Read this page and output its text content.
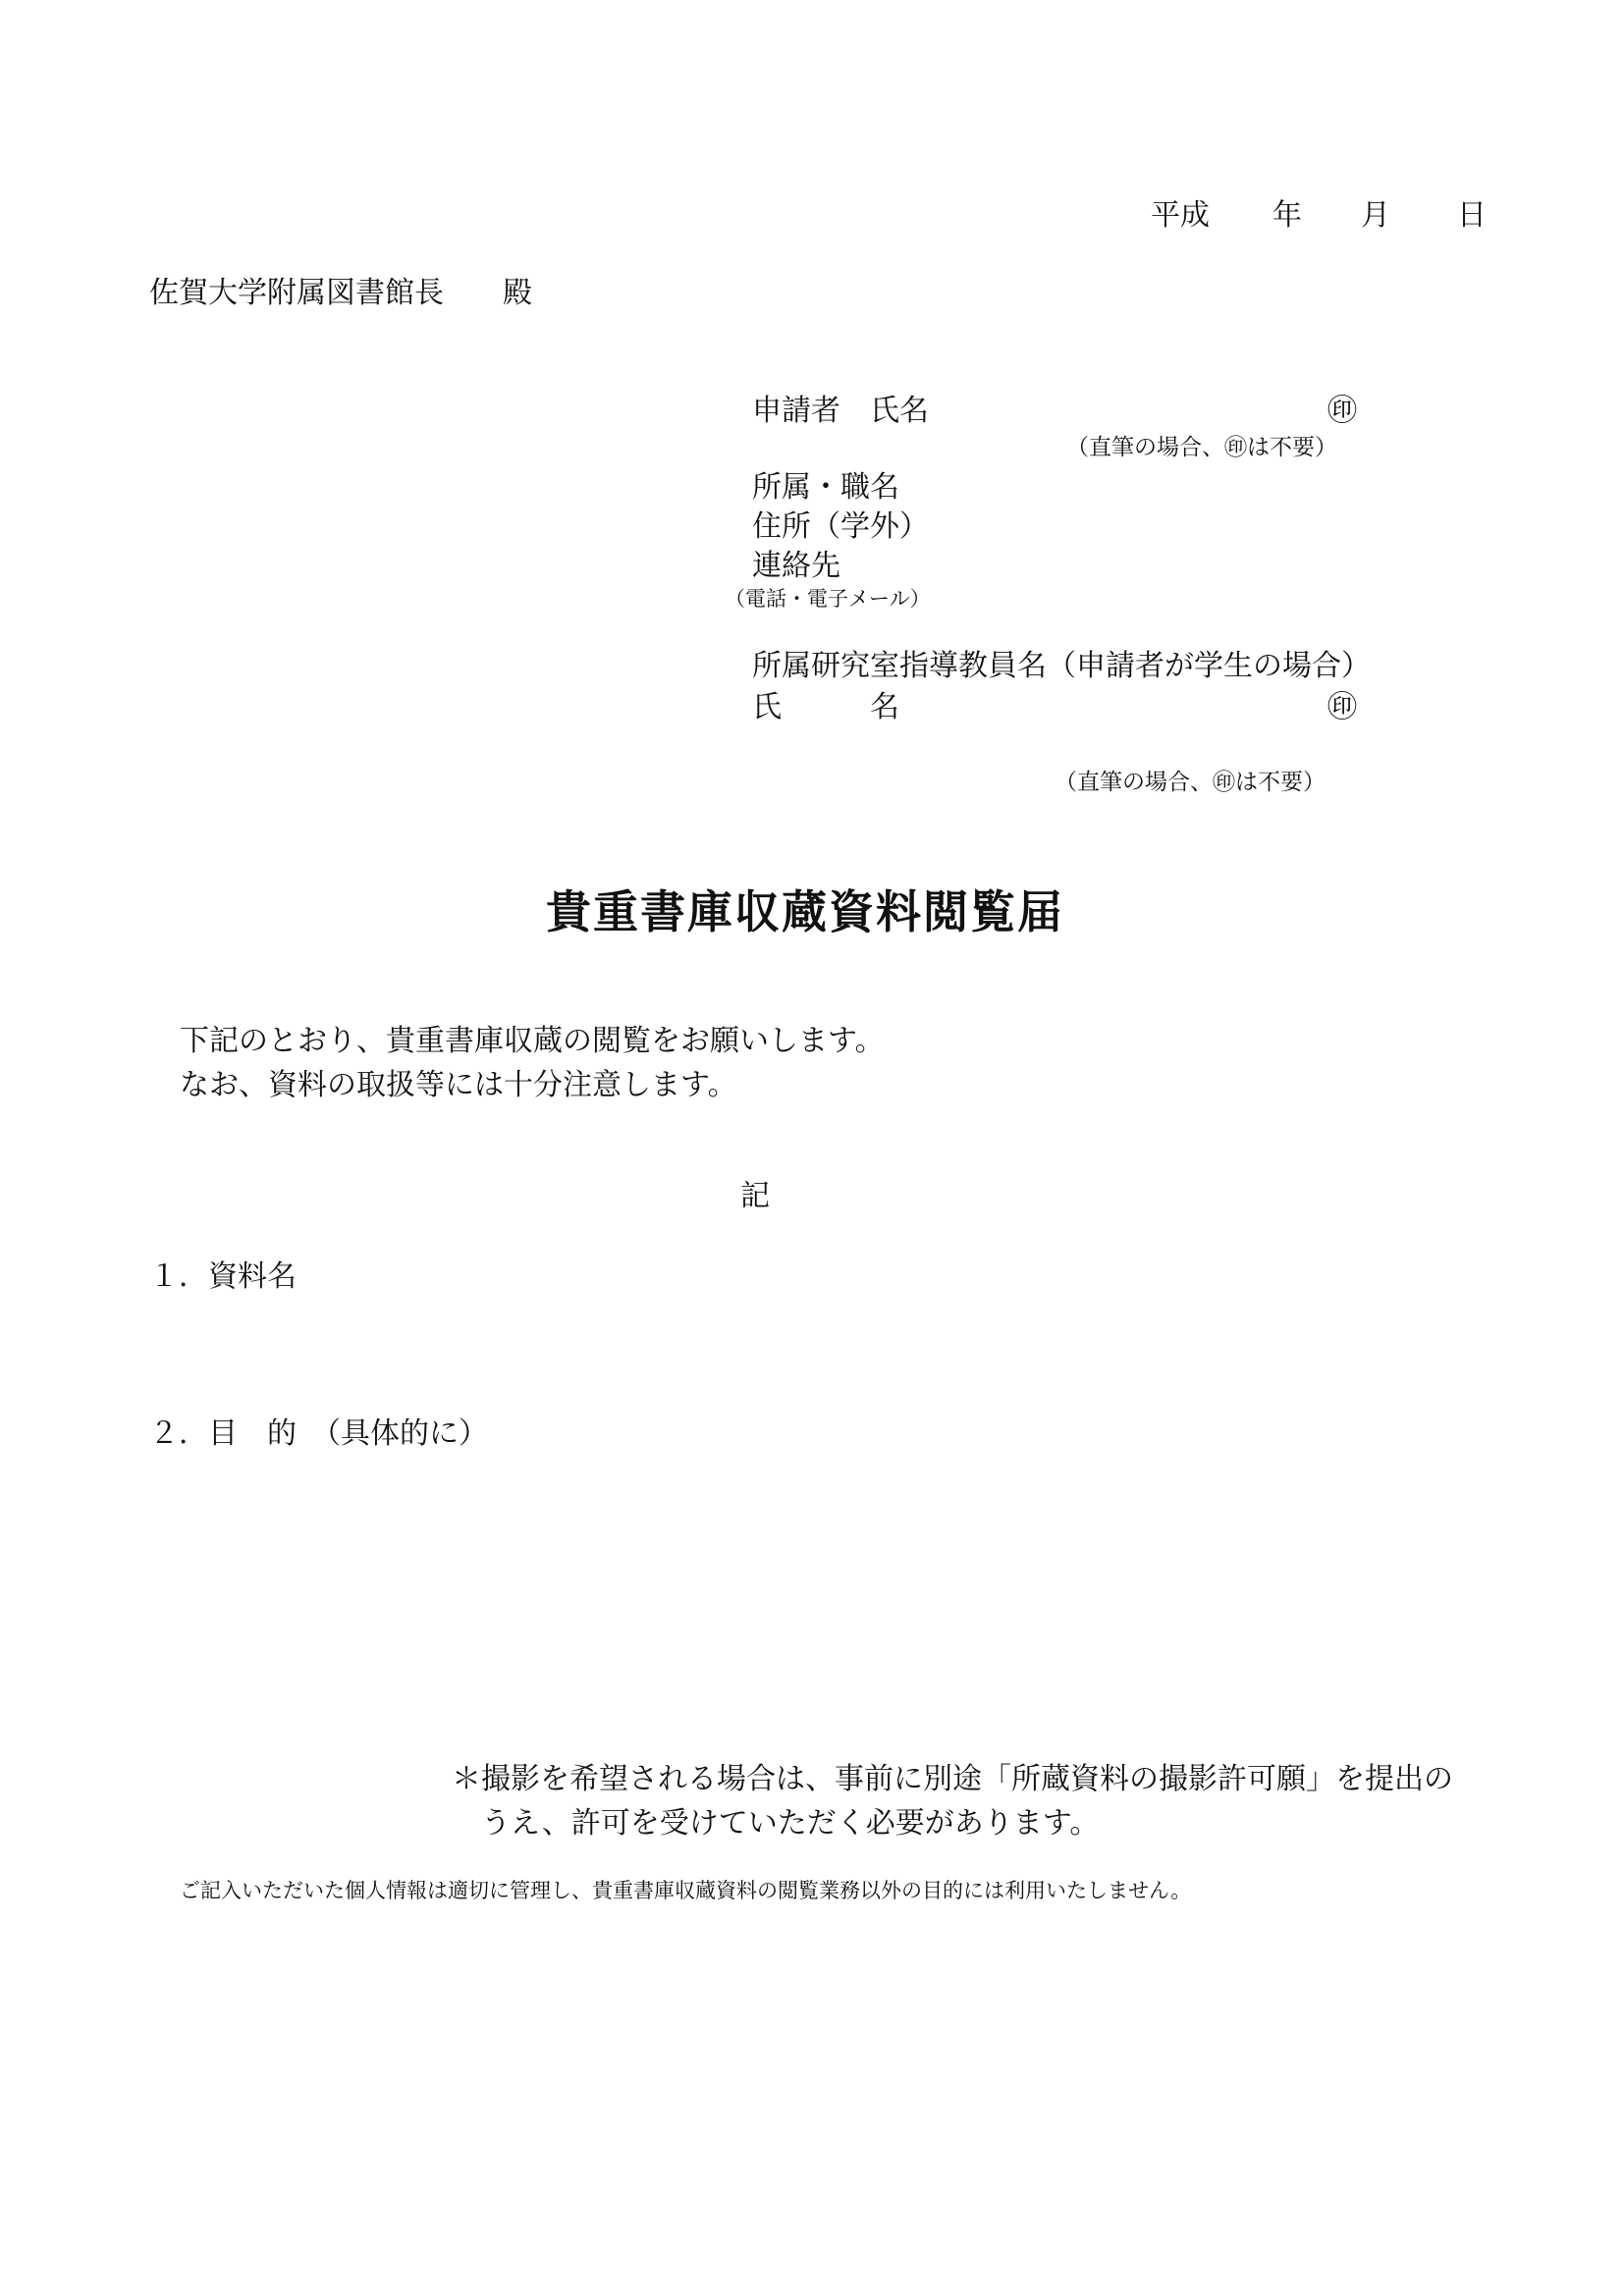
平成 年 月 日
佐賀大学附属図書館長　　殿
申請者　氏名	㊞
（直筆の場合、㊞は不要）
所属・職名
住所（学外）
連絡先
（電話・電子メール）
所属研究室指導教員名（申請者が学生の場合）
氏　　　名	㊞
（直筆の場合、㊞は不要）
貴重書庫収蔵資料閲覧届
下記のとおり、貴重書庫収蔵の閲覧をお願いします。
なお、資料の取扱等には十分注意します。
記
１．資料名
２．目　的　（具体的に）
＊撮影を希望される場合は、事前に別途「所蔵資料の撮影許可願」を提出の
うえ、許可を受けていただく必要があります。
ご記入いただいた個人情報は適切に管理し、貴重書庫収蔵資料の閲覧業務以外の目的には利用いたしません。
